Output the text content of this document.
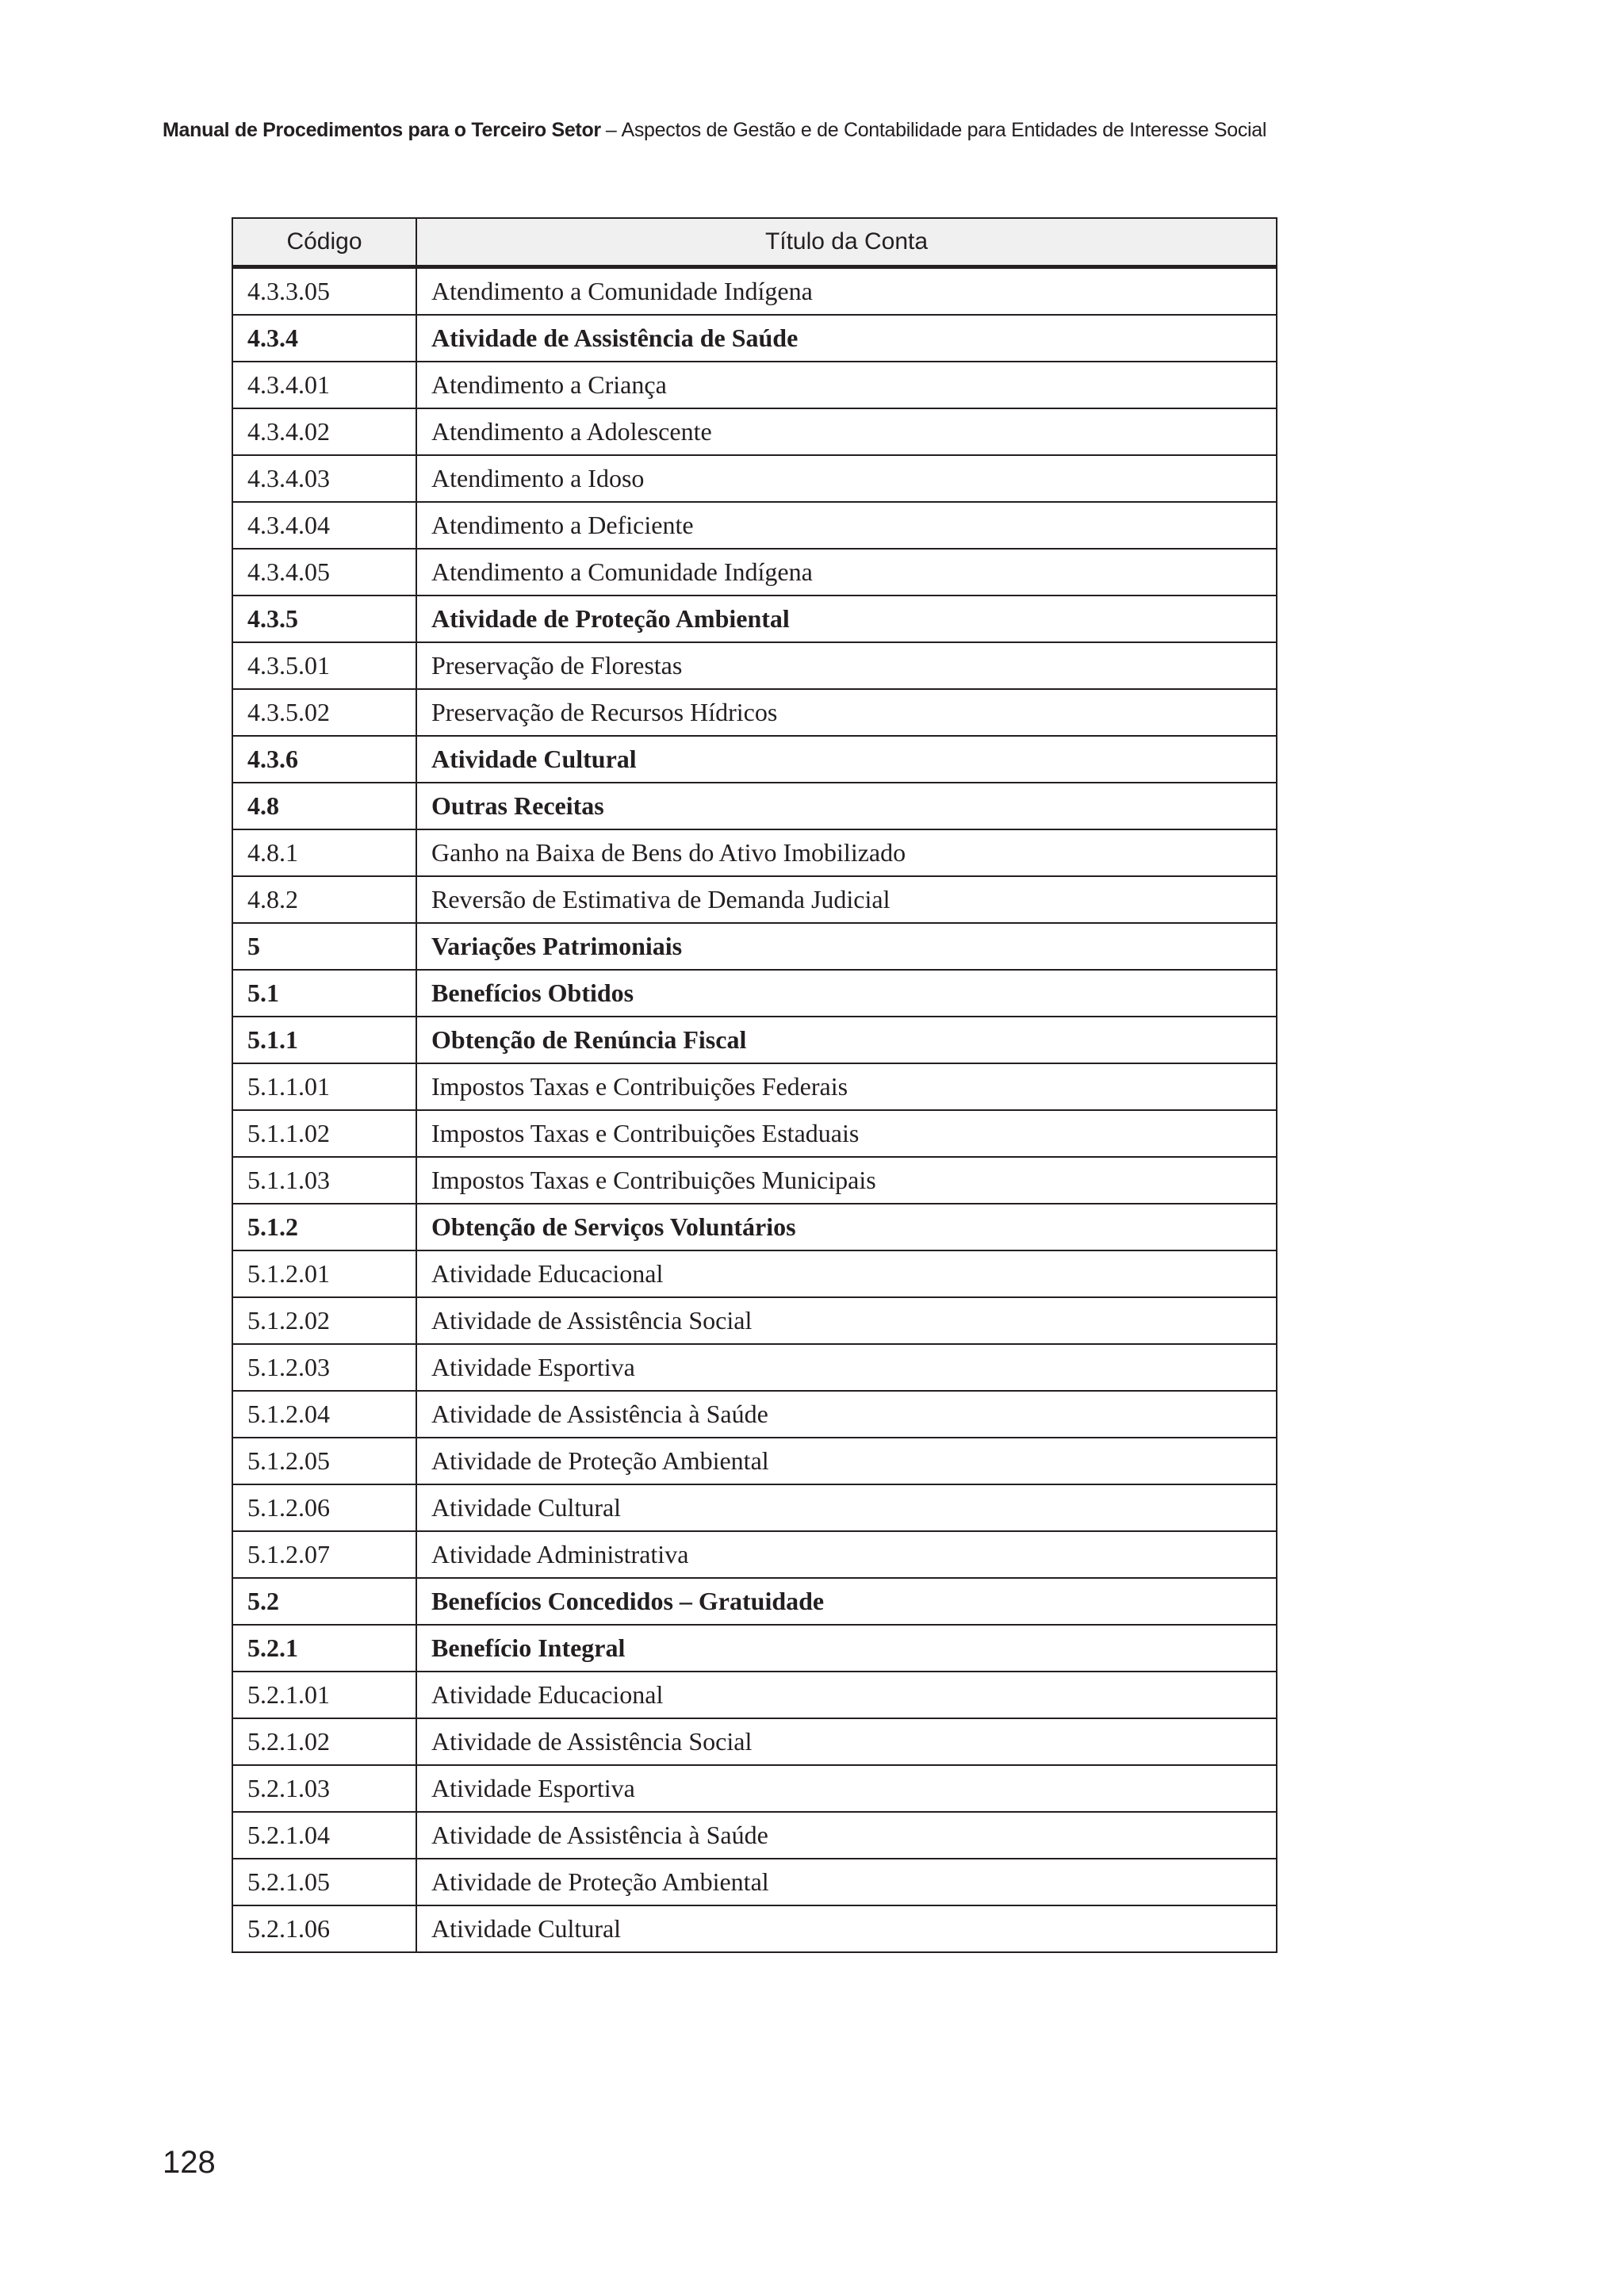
Manual de Procedimentos para o Terceiro Setor – Aspectos de Gestão e de Contabilidade para Entidades de Interesse Social
Código	Título da Conta
4.3.3.05	Atendimento a Comunidade Indígena
4.3.4	Atividade de Assistência de Saúde
4.3.4.01	Atendimento a Criança
4.3.4.02	Atendimento a Adolescente
4.3.4.03	Atendimento a Idoso
4.3.4.04	Atendimento a Deficiente
4.3.4.05	Atendimento a Comunidade Indígena
4.3.5	Atividade de Proteção Ambiental
4.3.5.01	Preservação de Florestas
4.3.5.02	Preservação de Recursos Hídricos
4.3.6	Atividade Cultural
4.8	Outras Receitas
4.8.1	Ganho na Baixa de Bens do Ativo Imobilizado
4.8.2	Reversão de Estimativa de Demanda Judicial
5	Variações Patrimoniais
5.1	Benefícios Obtidos
5.1.1	Obtenção de Renúncia Fiscal
5.1.1.01	Impostos Taxas e Contribuições Federais
5.1.1.02	Impostos Taxas e Contribuições Estaduais
5.1.1.03	Impostos Taxas e Contribuições Municipais
5.1.2	Obtenção de Serviços Voluntários
5.1.2.01	Atividade Educacional
5.1.2.02	Atividade de Assistência Social
5.1.2.03	Atividade Esportiva
5.1.2.04	Atividade de Assistência à Saúde
5.1.2.05	Atividade de Proteção Ambiental
5.1.2.06	Atividade Cultural
5.1.2.07	Atividade Administrativa
5.2	Benefícios Concedidos – Gratuidade
5.2.1	Benefício Integral
5.2.1.01	Atividade Educacional
5.2.1.02	Atividade de Assistência Social
5.2.1.03	Atividade Esportiva
5.2.1.04	Atividade de Assistência à Saúde
5.2.1.05	Atividade de Proteção Ambiental
5.2.1.06	Atividade Cultural
128
